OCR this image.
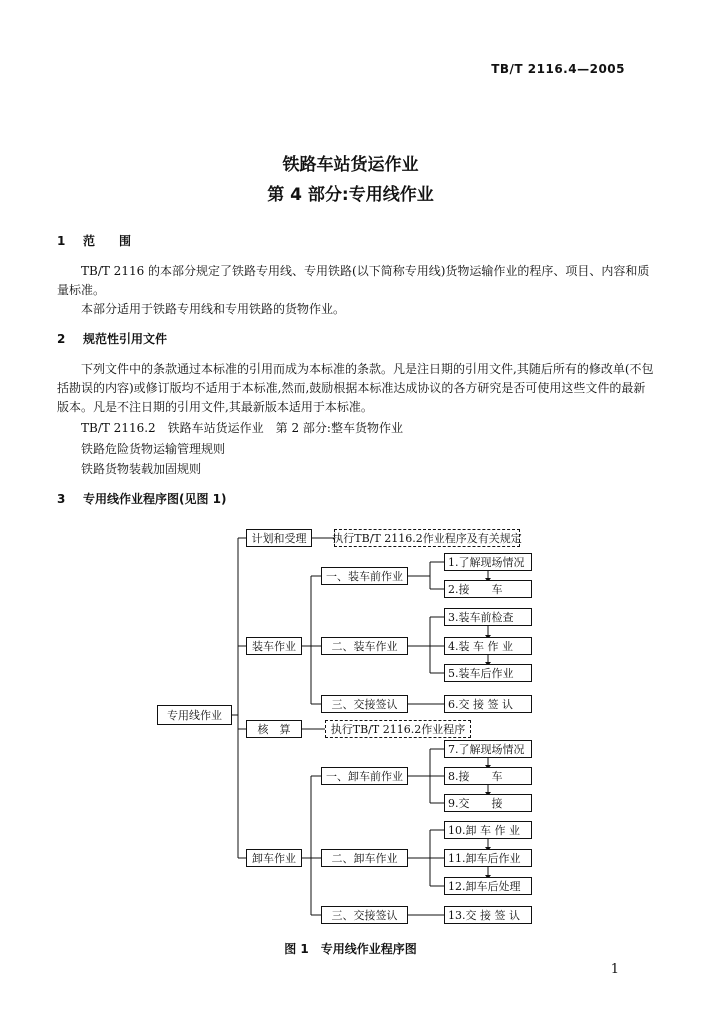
TB/T 2116.4—2005
铁路车站货运作业
第 4 部分:专用线作业
1 范　　围
TB/T 2116 的本部分规定了铁路专用线、专用铁路(以下简称专用线)货物运输作业的程序、项目、内容和质量标准。
本部分适用于铁路专用线和专用铁路的货物作业。
2 规范性引用文件
下列文件中的条款通过本标准的引用而成为本标准的条款。凡是注日期的引用文件,其随后所有的修改单(不包括勘误的内容)或修订版均不适用于本标准,然而,鼓励根据本标准达成协议的各方研究是否可使用这些文件的最新版本。凡是不注日期的引用文件,其最新版本适用于本标准。
TB/T 2116.2　铁路车站货运作业　第 2 部分:整车货物作业
铁路危险货物运输管理规则
铁路货物装载加固规则
3 专用线作业程序图(见图 1)
专用线作业
计划和受理	执行TB/T 2116.2作业程序及有关规定
装车作业
一、装车前作业
二、装车作业
三、交接签认
1.了解现场情况
2.接　　车
3.装车前检查
4.装 车 作 业
5.装车后作业
6.交 接 签 认
核　算	执行TB/T 2116.2作业程序
卸车作业
一、卸车前作业
二、卸车作业
三、交接签认
7.了解现场情况
8.接　　车
9.交　　接
10.卸 车 作 业
11.卸车后作业
12.卸车后处理
13.交 接 签 认
图 1　专用线作业程序图
1
